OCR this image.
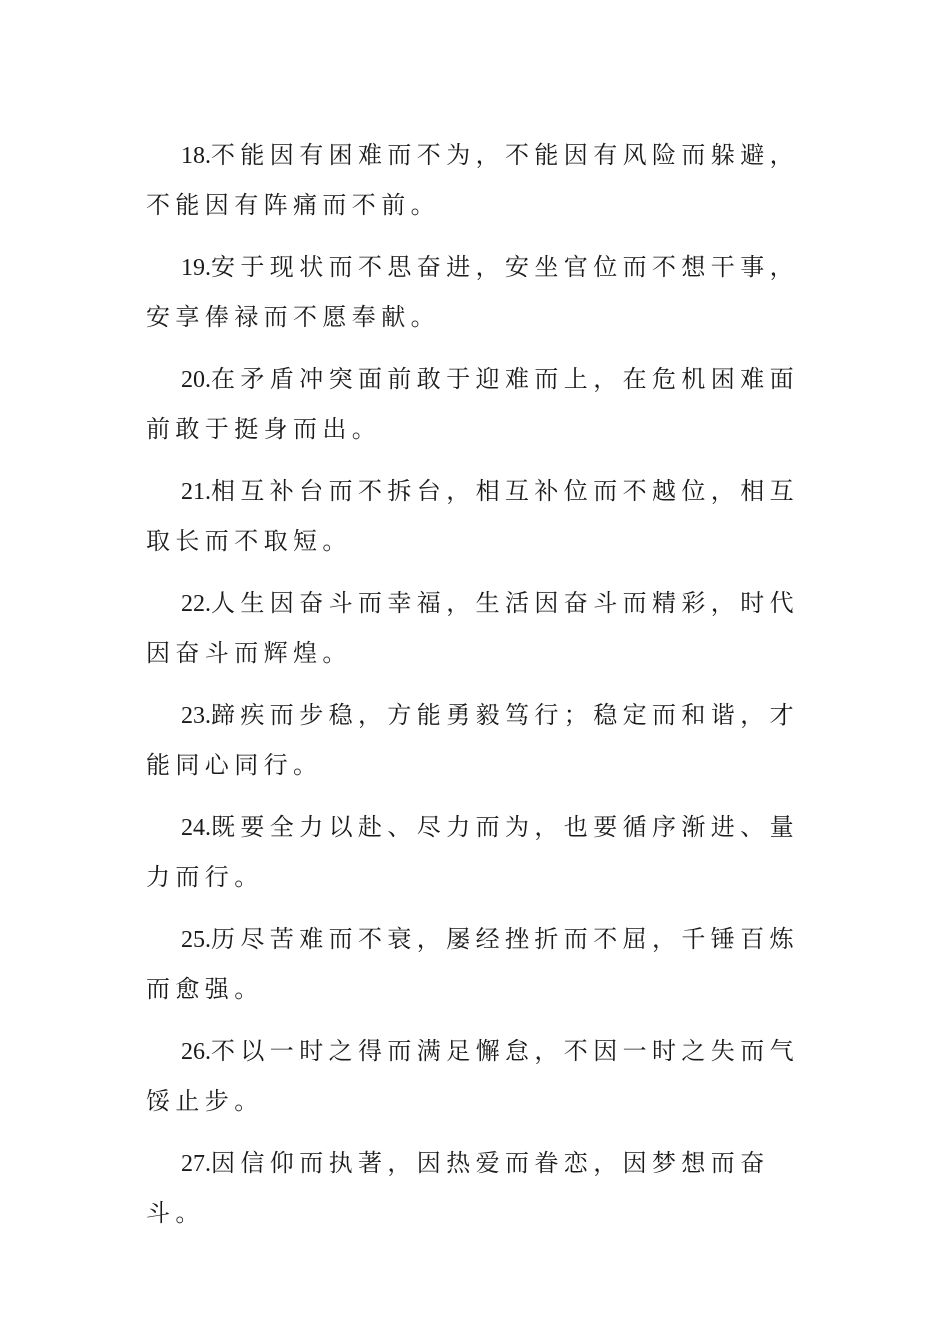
18.不能因有困难而不为，不能因有风险而躲避，不能因有阵痛而不前。

19.安于现状而不思奋进，安坐官位而不想干事，安享俸禄而不愿奉献。

20.在矛盾冲突面前敢于迎难而上，在危机困难面前敢于挺身而出。

21.相互补台而不拆台，相互补位而不越位，相互取长而不取短。

22.人生因奋斗而幸福，生活因奋斗而精彩，时代因奋斗而辉煌。

23.蹄疾而步稳，方能勇毅笃行；稳定而和谐，才能同心同行。

24.既要全力以赴、尽力而为，也要循序渐进、量力而行。

25.历尽苦难而不衰，屡经挫折而不屈，千锤百炼而愈强。

26.不以一时之得而满足懈怠，不因一时之失而气馁止步。

27.因信仰而执著，因热爱而眷恋，因梦想而奋斗。
